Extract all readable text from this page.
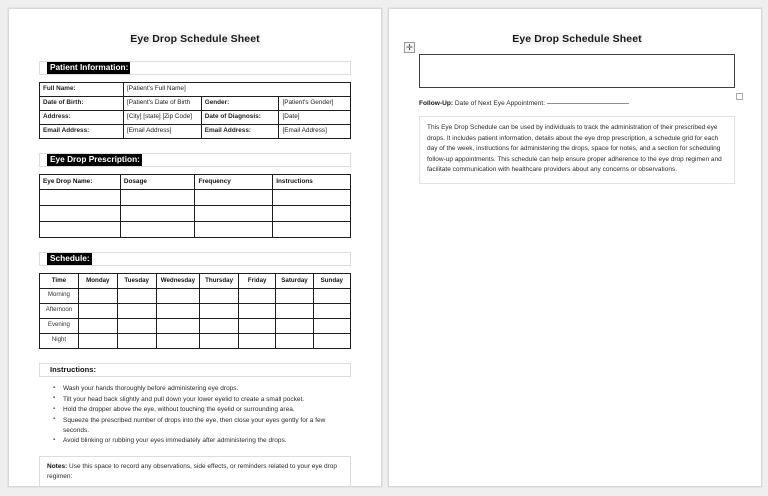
Eye Drop Schedule Sheet
Patient Information:
Full Name:	[Patient's Full Name]		
Date of Birth:	[Patient's Date of Birth	Gender:	[Patient's Gender]
Address:	[City] [state] [Zip Code]	Date of Diagnosis:	[Date]
Email Address:	[Email Address]	Email Address:	[Email Address]
Eye Drop Prescription:
Eye Drop Name:	Dosage	Frequency	Instructions

Schedule:
Time	Monday	Tuesday	Wednesday	Thursday	Friday	Saturday	Sunday
Morning							
Afternoon							
Evening							
Night							
Instructions:
▪ Wash your hands thoroughly before administering eye drops.
▪ Tilt your head back slightly and pull down your lower eyelid to create a small pocket.
▪ Hold the dropper above the eye, without touching the eyelid or surrounding area.
▪ Squeeze the prescribed number of drops into the eye, then close your eyes gently for a few seconds.
▪ Avoid blinking or rubbing your eyes immediately after administering the drops.
Notes: Use this space to record any observations, side effects, or reminders related to your eye drop regimen:
✛
Eye Drop Schedule Sheet
Follow-Up: Date of Next Eye Appointment:
This Eye Drop Schedule can be used by individuals to track the administration of their prescribed eye drops. It includes patient information, details about the eye drop prescription, a schedule grid for each day of the week, instructions for administering the drops, space for notes, and a section for scheduling follow-up appointments. This schedule can help ensure proper adherence to the eye drop regimen and facilitate communication with healthcare providers about any concerns or observations.
